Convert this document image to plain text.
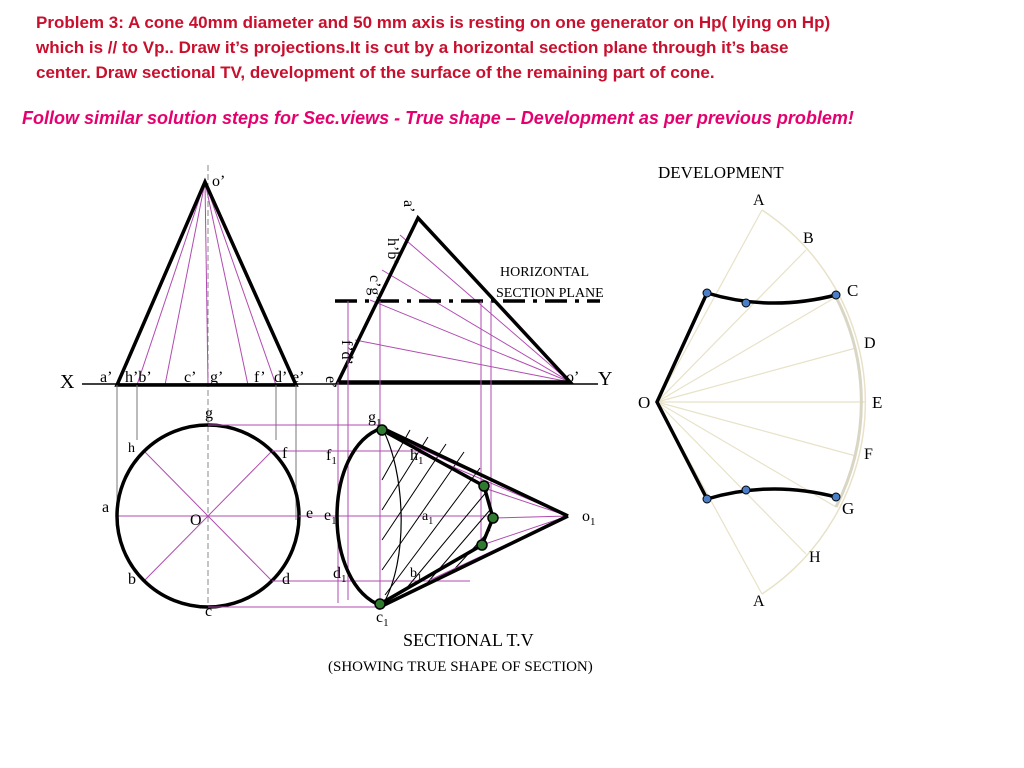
Problem 3: A cone 40mm diameter and 50 mm axis is resting on one generator on Hp( lying on Hp)
which is // to Vp.. Draw it’s projections.It is cut by a horizontal section plane through it’s base
center. Draw sectional TV, development of the surface of the remaining part of cone.
Follow similar solution steps for Sec.views - True shape – Development as per previous problem!
o’
a’ h’b’ c’ g’ f’ d’ e’
X	Y
g
h	f
a
O	e
b	d
c
a’
h’b’
c’g’
f’d’
e’	o’
HORIZONTAL
SECTION PLANE
$g_1$
$h_1$
$f_1$
$e_1$	$a_1$
$d_1$	$b_1$
$c_1$
$o_1$
SECTIONAL T.V
(SHOWING TRUE SHAPE OF SECTION)
DEVELOPMENT
A
B
C
D
O	E
F
G
H
A
